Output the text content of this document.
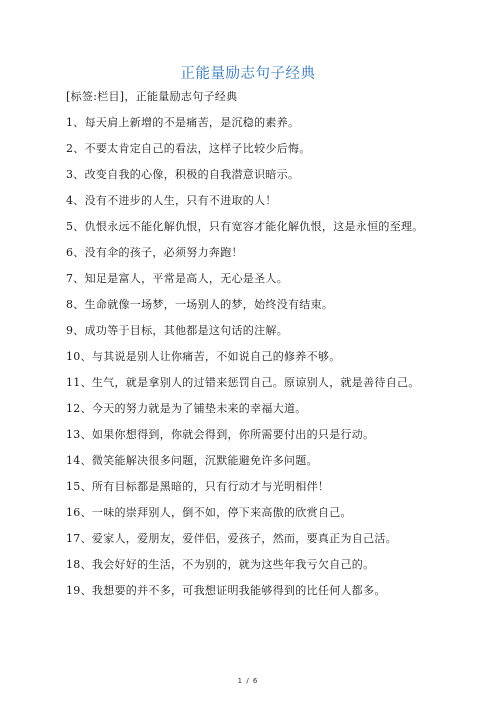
正能量励志句子经典
[标签:栏目]，正能量励志句子经典
1、每天肩上新增的不是痛苦，是沉稳的素养。
2、不要太肯定自己的看法，这样子比较少后悔。
3、改变自我的心像，积极的自我潜意识暗示。
4、没有不进步的人生，只有不进取的人！
5、仇恨永远不能化解仇恨，只有宽容才能化解仇恨，这是永恒的至理。
6、没有伞的孩子，必须努力奔跑！
7、知足是富人，平常是高人，无心是圣人。
8、生命就像一场梦，一场别人的梦，始终没有结束。
9、成功等于目标，其他都是这句话的注解。
10、与其说是别人让你痛苦，不如说自己的修养不够。
11、生气，就是拿别人的过错来惩罚自己。原谅别人，就是善待自己。
12、今天的努力就是为了铺垫未来的幸福大道。
13、如果你想得到，你就会得到，你所需要付出的只是行动。
14、微笑能解决很多问题，沉默能避免许多问题。
15、所有目标都是黑暗的，只有行动才与光明相伴！
16、一味的崇拜别人，倒不如，停下来高傲的欣赏自己。
17、爱家人，爱朋友，爱伴侣，爱孩子，然而，要真正为自己活。
18、我会好好的生活，不为别的，就为这些年我亏欠自己的。
19、我想要的并不多，可我想证明我能够得到的比任何人都多。
1 / 6
